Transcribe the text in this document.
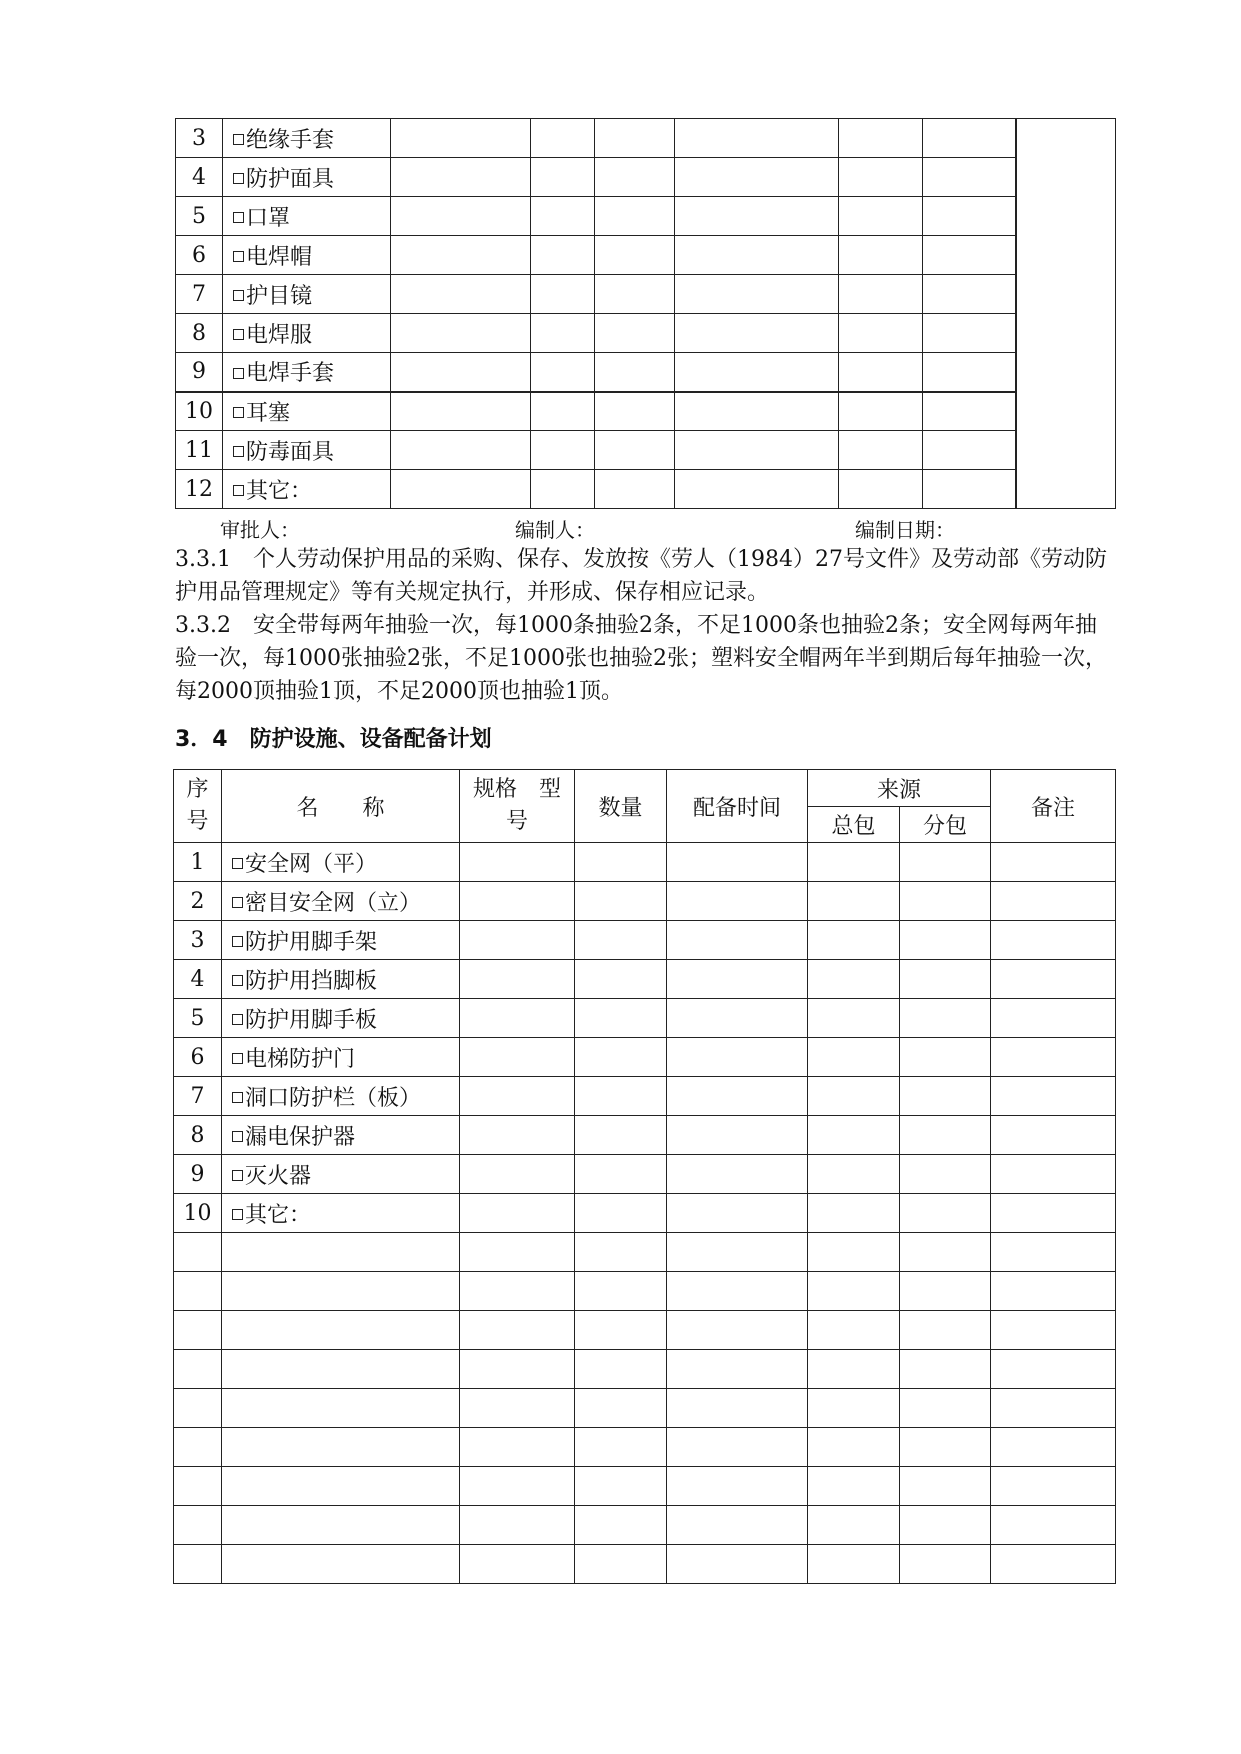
3	绝缘手套							
4	防护面具							
5	口罩							
6	电焊帽							
7	护目镜							
8	电焊服							
9	电焊手套							
10	耳塞							
11	防毒面具							
12	其它：							
审批人：	编制人：	编制日期：
3.3.1　个人劳动保护用品的采购、保存、发放按《劳人（1984）27号文件》及劳动部《劳动防护用品管理规定》等有关规定执行，并形成、保存相应记录。
3.3.2　安全带每两年抽验一次，每1000条抽验2条，不足1000条也抽验2条；安全网每两年抽验一次，每1000张抽验2张，不足1000张也抽验2张；塑料安全帽两年半到期后每年抽验一次，每2000顶抽验1顶，不足2000顶也抽验1顶。
3．4　防护设施、设备配备计划
序号	名　　称	规格　型号	数量	配备时间	来源		备注
					总包	分包	
1	安全网（平）						
2	密目安全网（立）						
3	防护用脚手架						
4	防护用挡脚板						
5	防护用脚手板						
6	电梯防护门						
7	洞口防护栏（板）						
8	漏电保护器						
9	灭火器						
10	其它：						
